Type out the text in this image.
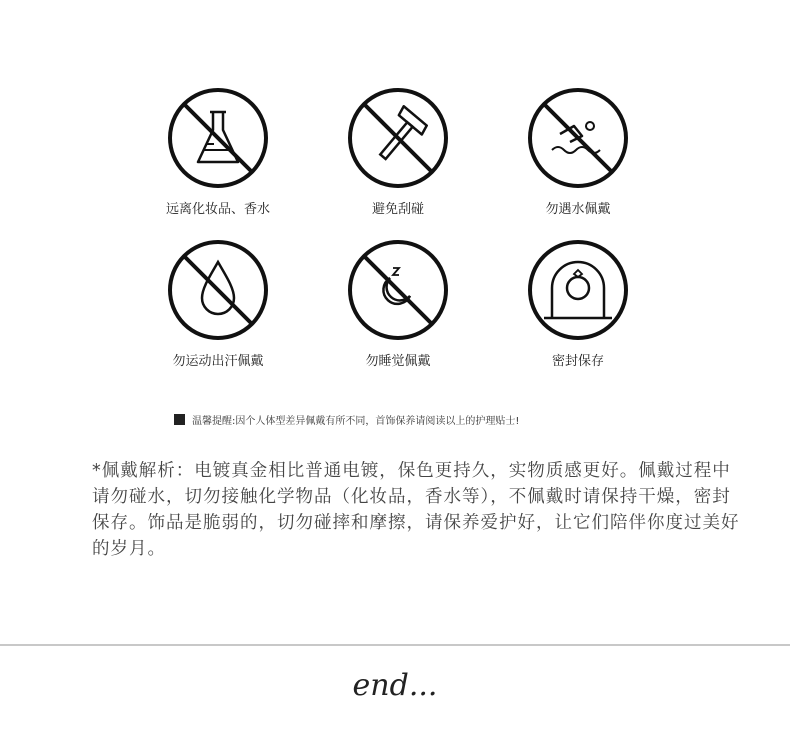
远离化妆品、香水	避免刮碰	勿遇水佩戴
勿运动出汗佩戴	勿睡觉佩戴	密封保存
温馨提醒:因个人体型差异佩戴有所不同，首饰保养请阅读以上的护理贴士!
*佩戴解析：电镀真金相比普通电镀，保色更持久，实物质感更好。佩戴过程中请勿碰水，切勿接触化学物品（化妆品，香水等），不佩戴时请保持干燥，密封保存。饰品是脆弱的，切勿碰摔和摩擦，请保养爱护好，让它们陪伴你度过美好的岁月。
end...
